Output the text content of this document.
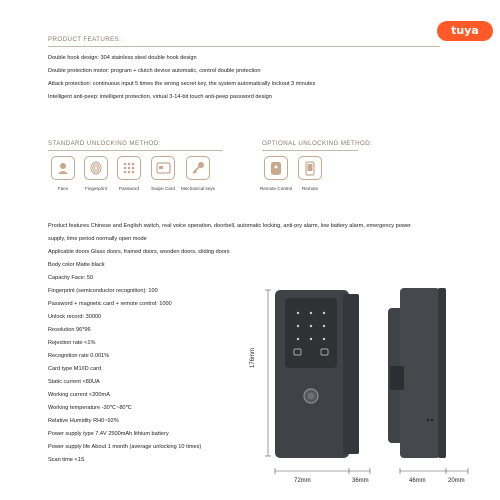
tuya
PRODUCT FEATURES:
Double hook design: 304 stainless steel double hook design
Double protection motor: program + clutch device automatic, control double protection
Attack protection: continuous input 5 times the wrong secret key, the system automatically lockout 3 minutes
Intelligent anti-peep: intelligent protection, virtual 3-14-bit touch anti-peep password design
STANDARD UNLOCKING METHOD:
Face	Fingerprint	Password	Swipe Card	Mechanical keys
OPTIONAL UNLOCKING METHOD:
Remote Control	Remote
Product features Chinese and English switch, real voice operation, doorbell, automatic locking, anti-pry alarm, low battery alarm, emergency power
supply, time period normally open mode
Applicable doors Glass doors, framed doors, wooden doors, sliding doors
Body color Matte black
Capacity Face: 50
Fingerprint (semiconductor recognition): 100
Password + magnetic card + remote control: 1000
Unlock record: 30000
Resolution 96*96
Rejection rate <1%
Recognition rate 0.001%
Card type M1/ID card
Static current <80UA
Working current <200mA
Working temperature -30℃~80℃
Relative Humidity RH0~92%
Power supply type 7.4V 2500mAh lithium battery
Power supply life About 1 month (average unlocking 10 times)
Scan time <1S
176mm
72mm	36mm	46mm	20mm
